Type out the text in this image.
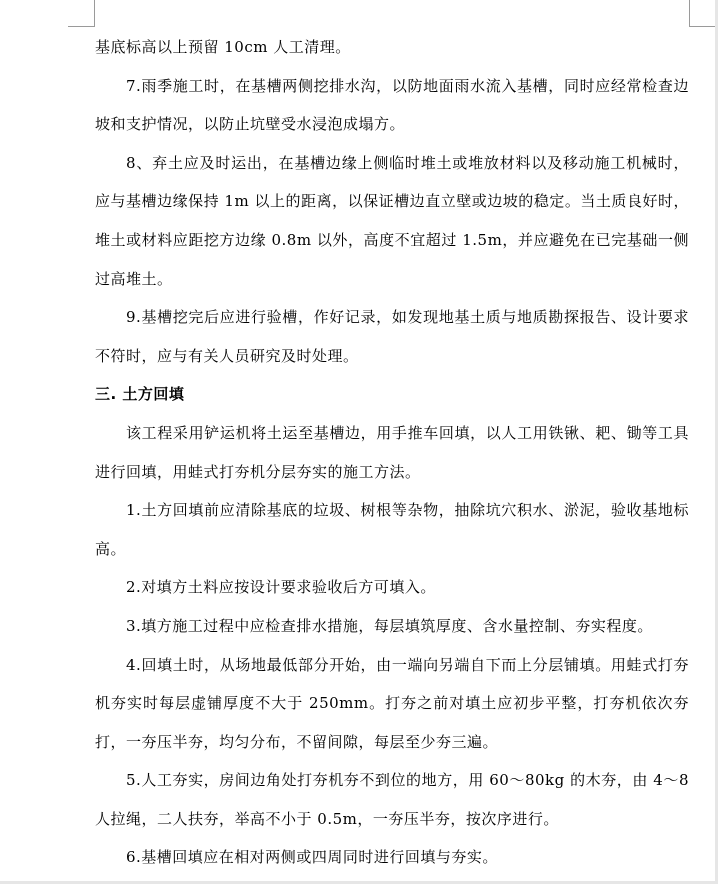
基底标高以上预留 10cm 人工清理。

7.雨季施工时，在基槽两侧挖排水沟，以防地面雨水流入基槽，同时应经常检查边坡和支护情况，以防止坑壁受水浸泡成塌方。

8、弃土应及时运出，在基槽边缘上侧临时堆土或堆放材料以及移动施工机械时，应与基槽边缘保持 1m 以上的距离，以保证槽边直立壁或边坡的稳定。当土质良好时，堆土或材料应距挖方边缘 0.8m 以外，高度不宜超过 1.5m，并应避免在已完基础一侧过高堆土。

9.基槽挖完后应进行验槽，作好记录，如发现地基土质与地质勘探报告、设计要求不符时，应与有关人员研究及时处理。

三. 土方回填

该工程采用铲运机将土运至基槽边，用手推车回填，以人工用铁锹、耙、锄等工具进行回填，用蛙式打夯机分层夯实的施工方法。

1.土方回填前应清除基底的垃圾、树根等杂物，抽除坑穴积水、淤泥，验收基地标高。

2.对填方土料应按设计要求验收后方可填入。

3.填方施工过程中应检查排水措施，每层填筑厚度、含水量控制、夯实程度。

4.回填土时，从场地最低部分开始，由一端向另端自下而上分层铺填。用蛙式打夯机夯实时每层虚铺厚度不大于 250mm。打夯之前对填土应初步平整，打夯机依次夯打，一夯压半夯，均匀分布，不留间隙，每层至少夯三遍。

5.人工夯实，房间边角处打夯机夯不到位的地方，用 60～80kg 的木夯，由 4～8 人拉绳，二人扶夯，举高不小于 0.5m，一夯压半夯，按次序进行。

6.基槽回填应在相对两侧或四周同时进行回填与夯实。
